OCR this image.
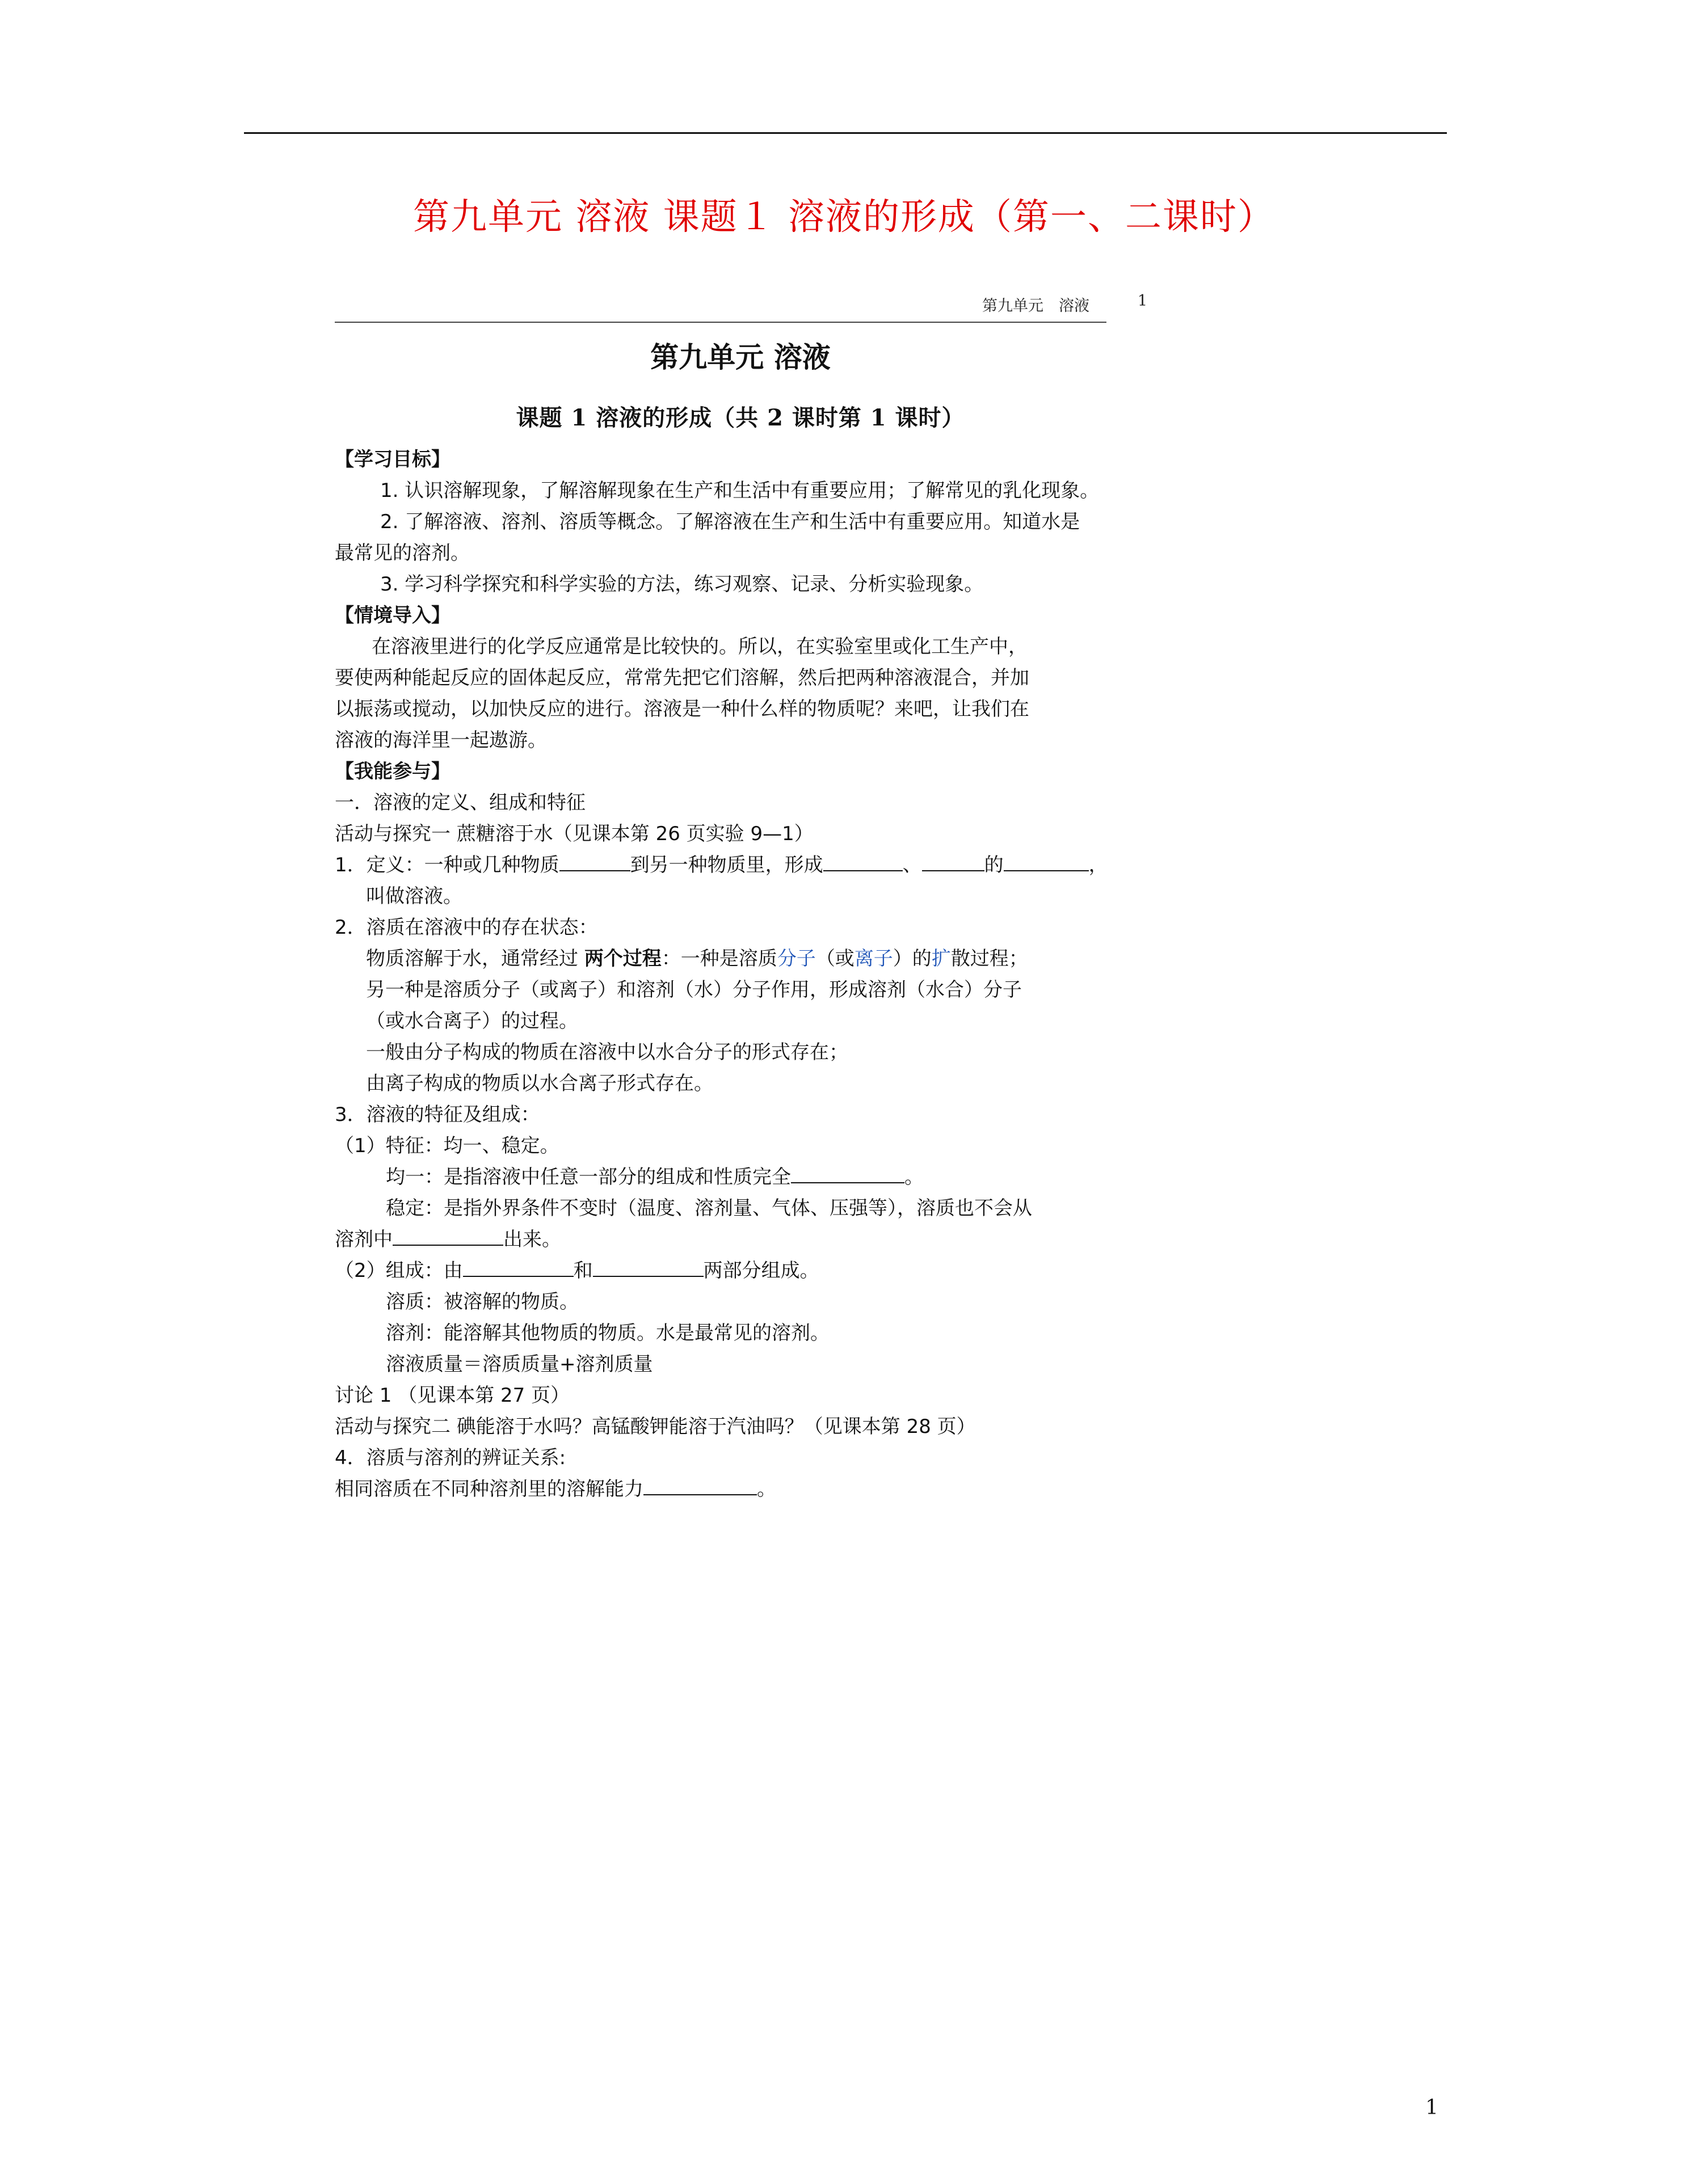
第九单元 溶液 课题１ 溶液的形成（第一、二课时）
第九单元　溶液	1
第九单元 溶液
课题 1 溶液的形成（共 2 课时第 1 课时）

【学习目标】

1. 认识溶解现象，了解溶解现象在生产和生活中有重要应用；了解常见的乳化现象。

2. 了解溶液、溶剂、溶质等概念。了解溶液在生产和生活中有重要应用。知道水是

最常见的溶剂。

3. 学习科学探究和科学实验的方法，练习观察、记录、分析实验现象。

【情境导入】

在溶液里进行的化学反应通常是比较快的。所以，在实验室里或化工生产中，

要使两种能起反应的固体起反应，常常先把它们溶解，然后把两种溶液混合，并加

以振荡或搅动，以加快反应的进行。溶液是一种什么样的物质呢？来吧，让我们在

溶液的海洋里一起遨游。

【我能参与】

一．溶液的定义、组成和特征

活动与探究一 蔗糖溶于水（见课本第 26 页实验 9—1）

1．定义：一种或几种物质	到另一种物质里，形成	、	的	，

叫做溶液。

2．溶质在溶液中的存在状态：

物质溶解于水，通常经过 两个过程：一种是溶质分子（或离子）的扩散过程；

另一种是溶质分子（或离子）和溶剂（水）分子作用，形成溶剂（水合）分子

（或水合离子）的过程。

一般由分子构成的物质在溶液中以水合分子的形式存在；

由离子构成的物质以水合离子形式存在。

3．溶液的特征及组成：

（1）特征：均一、稳定。

均一：是指溶液中任意一部分的组成和性质完全	。

稳定：是指外界条件不变时（温度、溶剂量、气体、压强等），溶质也不会从

溶剂中	出来。

（2）组成：由	和	两部分组成。

溶质：被溶解的物质。

溶剂：能溶解其他物质的物质。水是最常见的溶剂。

溶液质量＝溶质质量+溶剂质量

讨论 1 （见课本第 27 页）

活动与探究二 碘能溶于水吗？高锰酸钾能溶于汽油吗？（见课本第 28 页）

4．溶质与溶剂的辨证关系:

相同溶质在不同种溶剂里的溶解能力	。

1
